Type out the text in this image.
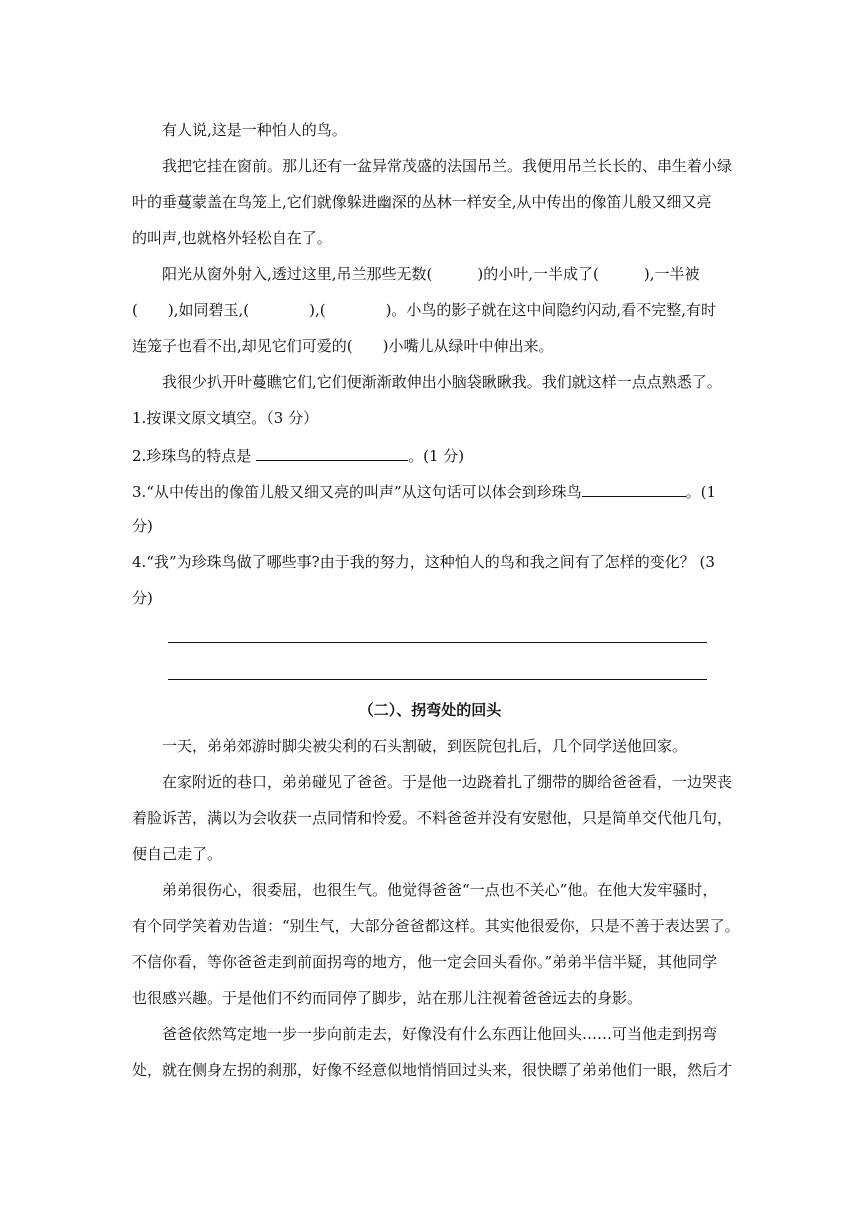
有人说,这是一种怕人的鸟。
我把它挂在窗前。那儿还有一盆异常茂盛的法国吊兰。我便用吊兰长长的、串生着小绿
叶的垂蔓蒙盖在鸟笼上,它们就像躲进幽深的丛林一样安全,从中传出的像笛儿般又细又亮
的叫声,也就格外轻松自在了。
阳光从窗外射入,透过这里,吊兰那些无数(　　　)的小叶,一半成了(　　　),一半被
(　　),如同碧玉,(　　　　),(　　　　)。小鸟的影子就在这中间隐约闪动,看不完整,有时
连笼子也看不出,却见它们可爱的(　　)小嘴儿从绿叶中伸出来。
我很少扒开叶蔓瞧它们,它们便渐渐敢伸出小脑袋瞅瞅我。我们就这样一点点熟悉了。
1.按课文原文填空。（3 分）
2.珍珠鸟的特点是	。(1 分)
3.“从中传出的像笛儿般又细又亮的叫声”从这句话可以体会到珍珠鸟	。(1
分)
4.“我”为珍珠鸟做了哪些事?由于我的努力，这种怕人的鸟和我之间有了怎样的变化？ (3
分)
（二）、拐弯处的回头
一天，弟弟郊游时脚尖被尖利的石头割破，到医院包扎后，几个同学送他回家。
在家附近的巷口，弟弟碰见了爸爸。于是他一边跷着扎了绷带的脚给爸爸看，一边哭丧
着脸诉苦，满以为会收获一点同情和怜爱。不料爸爸并没有安慰他，只是简单交代他几句，
便自己走了。
弟弟很伤心，很委屈，也很生气。他觉得爸爸“一点也不关心”他。在他大发牢骚时，
有个同学笑着劝告道：“别生气，大部分爸爸都这样。其实他很爱你，只是不善于表达罢了。
不信你看，等你爸爸走到前面拐弯的地方，他一定会回头看你。”弟弟半信半疑，其他同学
也很感兴趣。于是他们不约而同停了脚步，站在那儿注视着爸爸远去的身影。
爸爸依然笃定地一步一步向前走去，好像没有什么东西让他回头……可当他走到拐弯
处，就在侧身左拐的刹那，好像不经意似地悄悄回过头来，很快瞟了弟弟他们一眼，然后才
